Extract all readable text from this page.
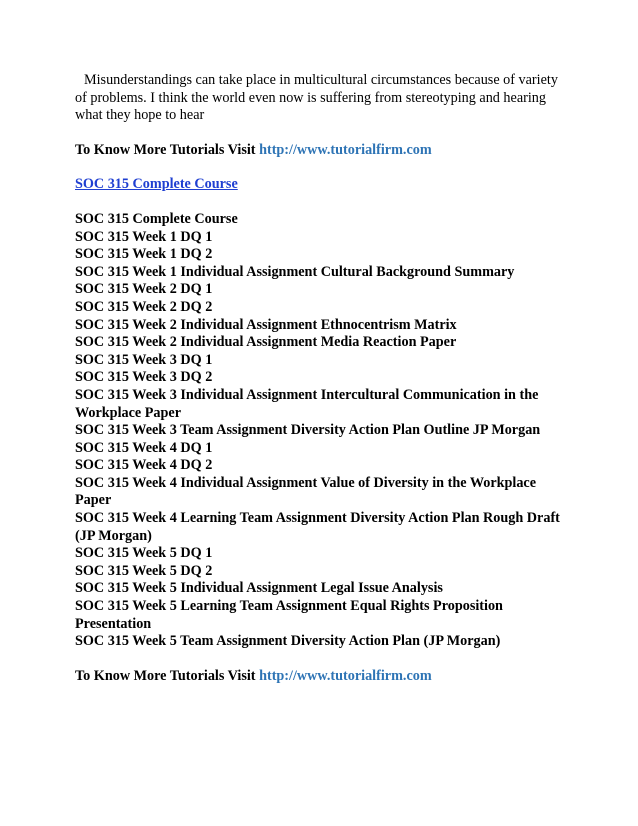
Misunderstandings can take place in multicultural circumstances because of variety of problems. I think the world even now is suffering from stereotyping and hearing what they hope to hear

To Know More Tutorials Visit http://www.tutorialfirm.com

SOC 315 Complete Course
SOC 315 Complete Course
SOC 315 Week 1 DQ 1
SOC 315 Week 1 DQ 2
SOC 315 Week 1 Individual Assignment Cultural Background Summary
SOC 315 Week 2 DQ 1
SOC 315 Week 2 DQ 2
SOC 315 Week 2 Individual Assignment Ethnocentrism Matrix
SOC 315 Week 2 Individual Assignment Media Reaction Paper
SOC 315 Week 3 DQ 1
SOC 315 Week 3 DQ 2
SOC 315 Week 3 Individual Assignment Intercultural Communication in the Workplace Paper
SOC 315 Week 3 Team Assignment Diversity Action Plan Outline JP Morgan
SOC 315 Week 4 DQ 1
SOC 315 Week 4 DQ 2
SOC 315 Week 4 Individual Assignment Value of Diversity in the Workplace Paper
SOC 315 Week 4 Learning Team Assignment Diversity Action Plan Rough Draft (JP Morgan)
SOC 315 Week 5 DQ 1
SOC 315 Week 5 DQ 2
SOC 315 Week 5 Individual Assignment Legal Issue Analysis
SOC 315 Week 5 Learning Team Assignment Equal Rights Proposition Presentation
SOC 315 Week 5 Team Assignment Diversity Action Plan (JP Morgan)

To Know More Tutorials Visit http://www.tutorialfirm.com
